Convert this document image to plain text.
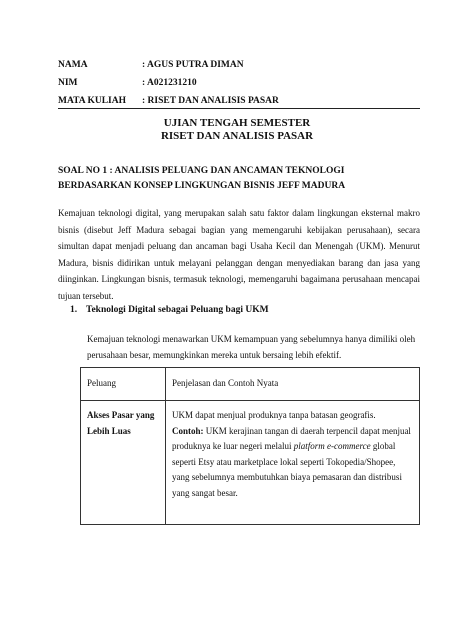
NAMA	: AGUS PUTRA DIMAN
NIM	: A021231210
MATA KULIAH	: RISET DAN ANALISIS PASAR
UJIAN TENGAH SEMESTER
RISET DAN ANALISIS PASAR
SOAL NO 1 : ANALISIS PELUANG DAN ANCAMAN TEKNOLOGI BERDASARKAN KONSEP LINGKUNGAN BISNIS JEFF MADURA
Kemajuan teknologi digital, yang merupakan salah satu faktor dalam lingkungan eksternal makro bisnis (disebut Jeff Madura sebagai bagian yang memengaruhi kebijakan perusahaan), secara simultan dapat menjadi peluang dan ancaman bagi Usaha Kecil dan Menengah (UKM). Menurut Madura, bisnis didirikan untuk melayani pelanggan dengan menyediakan barang dan jasa yang diinginkan. Lingkungan bisnis, termasuk teknologi, memengaruhi bagaimana perusahaan mencapai tujuan tersebut.
1. Teknologi Digital sebagai Peluang bagi UKM
Kemajuan teknologi menawarkan UKM kemampuan yang sebelumnya hanya dimiliki oleh perusahaan besar, memungkinkan mereka untuk bersaing lebih efektif.
Peluang	Penjelasan dan Contoh Nyata
Akses Pasar yang Lebih Luas	UKM dapat menjual produknya tanpa batasan geografis.
Contoh: UKM kerajinan tangan di daerah terpencil dapat menjual produknya ke luar negeri melalui platform e-commerce global seperti Etsy atau marketplace lokal seperti Tokopedia/Shopee, yang sebelumnya membutuhkan biaya pemasaran dan distribusi yang sangat besar.
